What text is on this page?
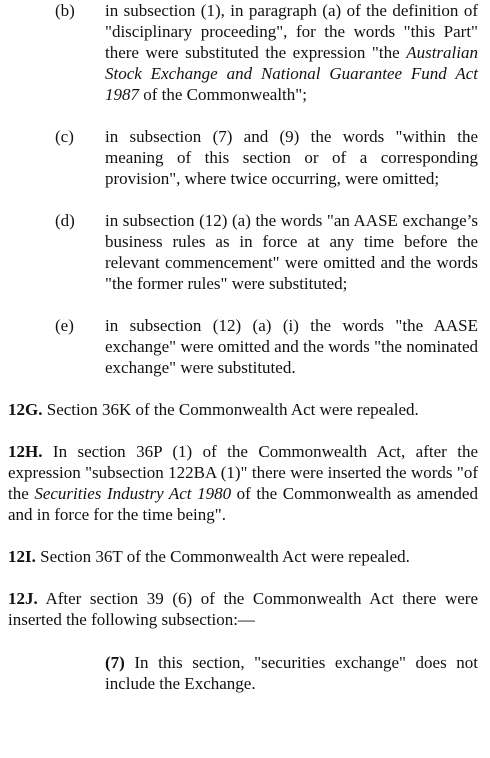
(b) in subsection (1), in paragraph (a) of the definition of "disciplinary proceeding", for the words "this Part" there were substituted the expression "the Australian Stock Exchange and National Guarantee Fund Act 1987 of the Commonwealth";
(c) in subsection (7) and (9) the words "within the meaning of this section or of a corresponding provision", where twice occurring, were omitted;
(d) in subsection (12) (a) the words "an AASE exchange’s business rules as in force at any time before the relevant commencement" were omitted and the words "the former rules" were substituted;
(e) in subsection (12) (a) (i) the words "the AASE exchange" were omitted and the words "the nominated exchange" were substituted.
12G. Section 36K of the Commonwealth Act were repealed.
12H. In section 36P (1) of the Commonwealth Act, after the expression "subsection 122BA (1)" there were inserted the words "of the Securities Industry Act 1980 of the Commonwealth as amended and in force for the time being".
12I. Section 36T of the Commonwealth Act were repealed.
12J. After section 39 (6) of the Commonwealth Act there were inserted the following subsection:—
(7) In this section, "securities exchange" does not include the Exchange.
